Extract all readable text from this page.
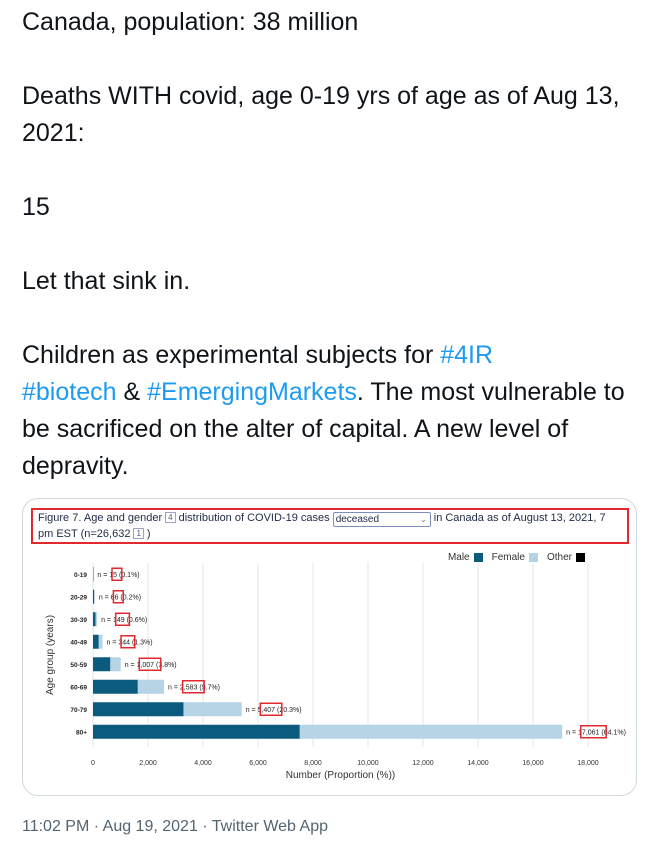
Canada, population: 38 million

Deaths WITH covid, age 0-19 yrs of age as of Aug 13, 2021:

15

Let that sink in.

Children as experimental subjects for #4IR
#biotech & #EmergingMarkets. The most vulnerable to be sacrificed on the alter of capital. A new level of depravity.

Figure 7. Age and gender 4 distribution of COVID-19 cases deceased	⌄ in Canada as of August 13, 2021, 7 pm EST (n=26,632 1 )
Male Female Other
0	2,000	4,000	6,000	8,000	10,000	12,000	14,000	16,000	18,000
Number (Proportion (%))
Age group (years)
0-19 n = 15 (0.1%)
20-29 n = 66 (0.2%)
30-39 n = 149 (0.6%)
40-49	n = 344 (1.3%)
50-59	n = 1,007 (3.8%)
60-69	n = 2,583 (9.7%)
70-79	n = 5,407 (20.3%)
80+	n = 17,061 (64.1%)
11:02 PM · Aug 19, 2021 · Twitter Web App
